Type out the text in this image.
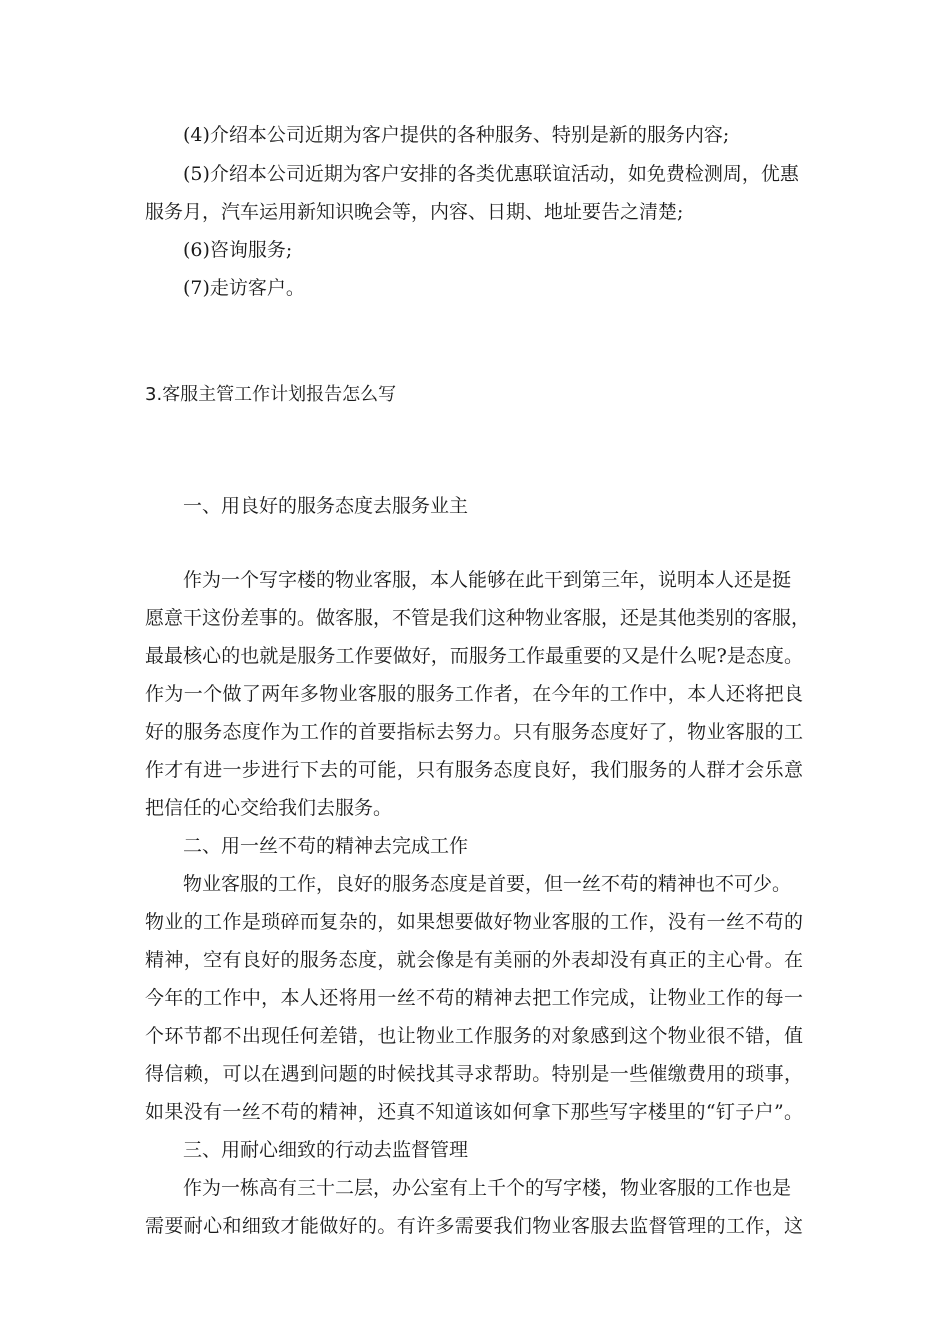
(4)介绍本公司近期为客户提供的各种服务、特别是新的服务内容;
(5)介绍本公司近期为客户安排的各类优惠联谊活动，如免费检测周，优惠
服务月，汽车运用新知识晚会等，内容、日期、地址要告之清楚;
(6)咨询服务;
(7)走访客户。
3.客服主管工作计划报告怎么写
一、用良好的服务态度去服务业主
作为一个写字楼的物业客服，本人能够在此干到第三年，说明本人还是挺
愿意干这份差事的。做客服，不管是我们这种物业客服，还是其他类别的客服，
最最核心的也就是服务工作要做好，而服务工作最重要的又是什么呢?是态度。
作为一个做了两年多物业客服的服务工作者，在今年的工作中，本人还将把良
好的服务态度作为工作的首要指标去努力。只有服务态度好了，物业客服的工
作才有进一步进行下去的可能，只有服务态度良好，我们服务的人群才会乐意
把信任的心交给我们去服务。
二、用一丝不苟的精神去完成工作
物业客服的工作，良好的服务态度是首要，但一丝不苟的精神也不可少。
物业的工作是琐碎而复杂的，如果想要做好物业客服的工作，没有一丝不苟的
精神，空有良好的服务态度，就会像是有美丽的外表却没有真正的主心骨。在
今年的工作中，本人还将用一丝不苟的精神去把工作完成，让物业工作的每一
个环节都不出现任何差错，也让物业工作服务的对象感到这个物业很不错，值
得信赖，可以在遇到问题的时候找其寻求帮助。特别是一些催缴费用的琐事，
如果没有一丝不苟的精神，还真不知道该如何拿下那些写字楼里的“钉子户”。
三、用耐心细致的行动去监督管理
作为一栋高有三十二层，办公室有上千个的写字楼，物业客服的工作也是
需要耐心和细致才能做好的。有许多需要我们物业客服去监督管理的工作，这
